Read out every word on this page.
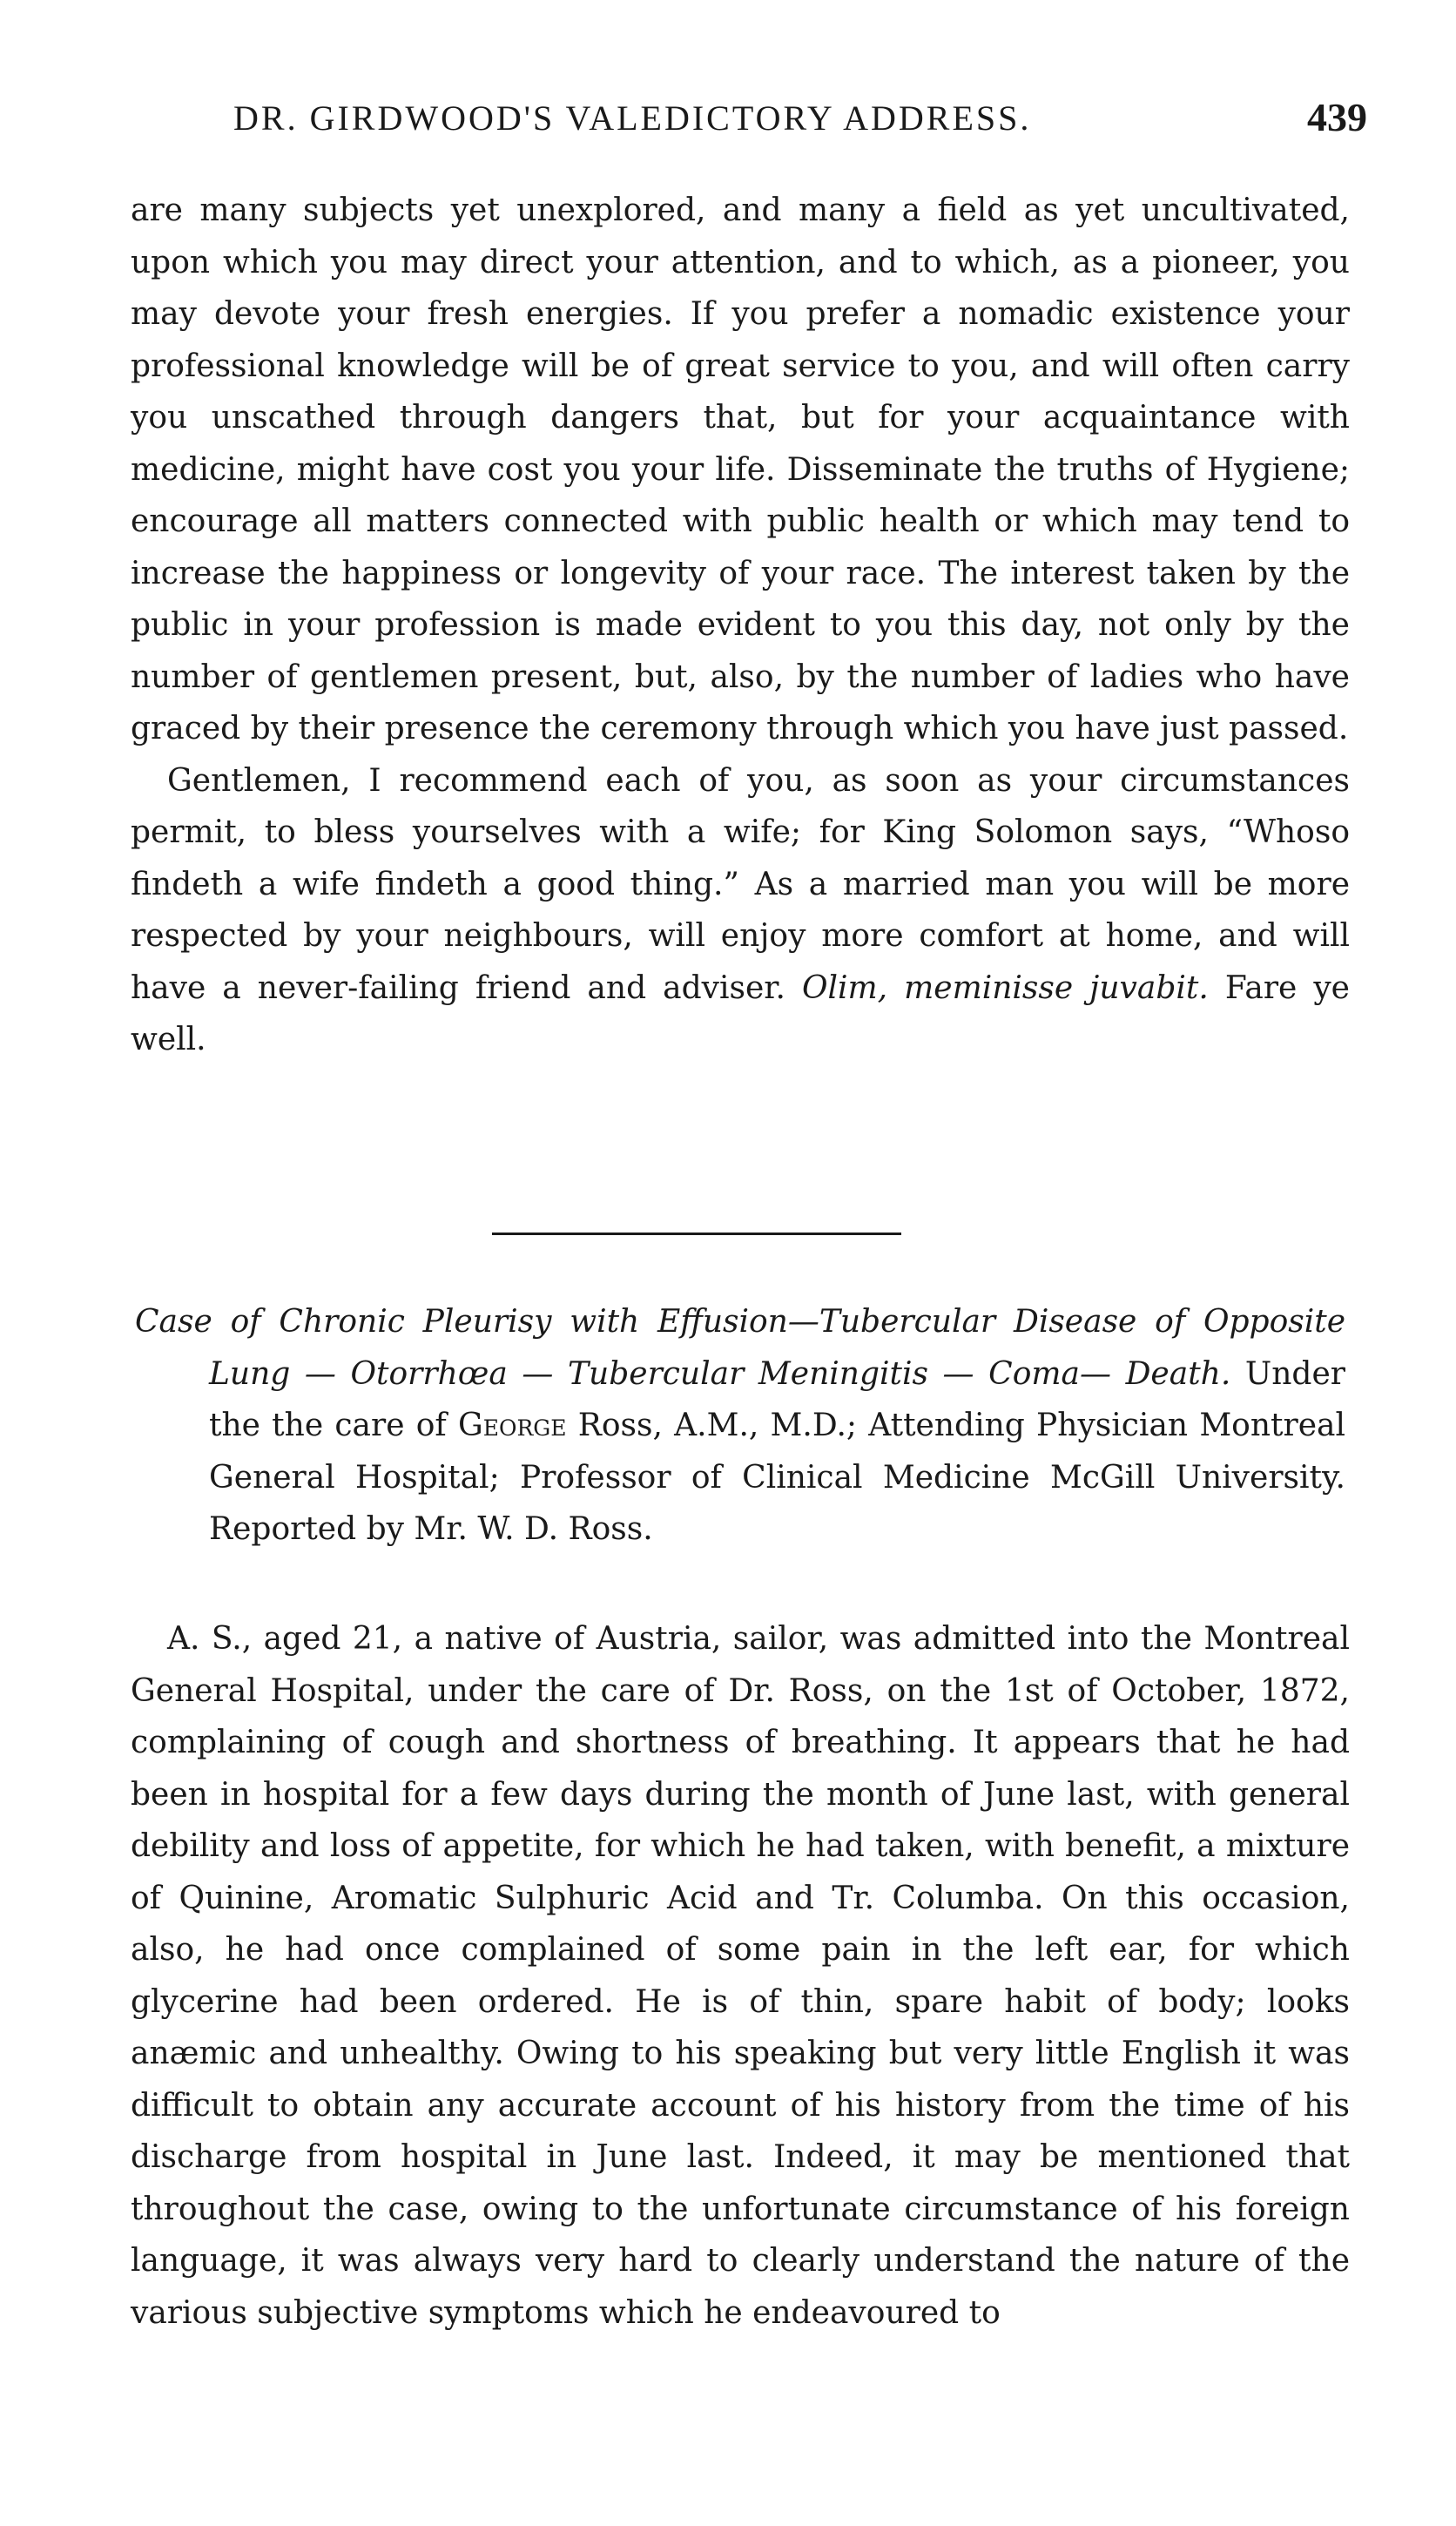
DR. GIRDWOOD'S VALEDICTORY ADDRESS.	439

are many subjects yet unexplored, and many a field as yet uncultivated, upon which you may direct your attention, and to which, as a pioneer, you may devote your fresh energies. If you prefer a nomadic existence your professional knowledge will be of great service to you, and will often carry you unscathed through dangers that, but for your acquaintance with medicine, might have cost you your life. Disseminate the truths of Hygiene; encourage all matters connected with public health or which may tend to increase the happiness or longevity of your race. The interest taken by the public in your profession is made evident to you this day, not only by the number of gentlemen present, but, also, by the number of ladies who have graced by their presence the ceremony through which you have just passed.

Gentlemen, I recommend each of you, as soon as your circumstances permit, to bless yourselves with a wife; for King Solomon says, “Whoso findeth a wife findeth a good thing.” As a married man you will be more respected by your neighbours, will enjoy more comfort at home, and will have a never-failing friend and adviser. Olim, meminisse juvabit. Fare ye well.

Case of Chronic Pleurisy with Effusion—Tubercular Disease of Opposite Lung — Otorrhœa — Tubercular Meningitis — Coma— Death. Under the the care of George Ross, A.M., M.D.; Attending Physician Montreal General Hospital; Professor of Clinical Medicine McGill University. Reported by Mr. W. D. Ross.

A. S., aged 21, a native of Austria, sailor, was admitted into the Montreal General Hospital, under the care of Dr. Ross, on the 1st of October, 1872, complaining of cough and shortness of breathing. It appears that he had been in hospital for a few days during the month of June last, with general debility and loss of appetite, for which he had taken, with benefit, a mixture of Quinine, Aromatic Sulphuric Acid and Tr. Columba. On this occasion, also, he had once complained of some pain in the left ear, for which glycerine had been ordered. He is of thin, spare habit of body; looks anæmic and unhealthy. Owing to his speaking but very little English it was difficult to obtain any accurate account of his history from the time of his discharge from hospital in June last. Indeed, it may be mentioned that throughout the case, owing to the unfortunate circumstance of his foreign language, it was always very hard to clearly understand the nature of the various subjective symptoms which he endeavoured to
